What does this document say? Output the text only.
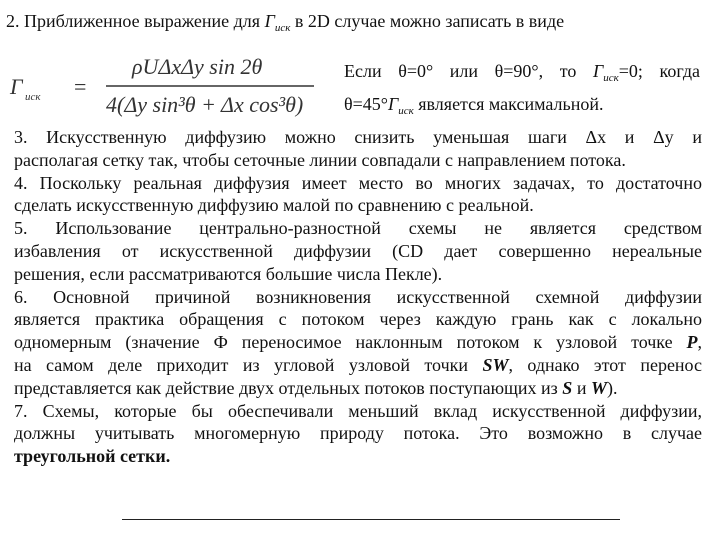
2. Приближенное выражение для $\Gamma_{иск}$ в 2D случае можно записать в виде
Γ иск =
ρUΔxΔy sin 2θ
4(Δy sin³θ + Δx cos³θ)
Если θ=0° или θ=90°, то $\Gamma_{иск}=0$; когда
$\theta=45^\circ\Gamma_{иск}$ является максимальной.
3. Искусственную диффузию можно снизить уменьшая шаги Δx и Δy и
располагая сетку так, чтобы сеточные линии совпадали с направлением потока.
4. Поскольку реальная диффузия имеет место во многих задачах, то достаточно
сделать искусственную диффузию малой по сравнению с реальной.
5. Использование центрально-разностной схемы не является средством
избавления от искусственной диффузии (CD дает совершенно нереальные
решения, если рассматриваются большие числа Пекле).
6. Основной причиной возникновения искусственной схемной диффузии
является практика обращения с потоком через каждую грань как с локально
одномерным (значение Ф переносимое наклонным потоком к узловой точке P,
на самом деле приходит из угловой узловой точки SW, однако этот перенос
представляется как действие двух отдельных потоков поступающих из S и W).
7. Схемы, которые бы обеспечивали меньший вклад искусственной диффузии,
должны учитывать многомерную природу потока. Это возможно в случае
треугольной сетки.
